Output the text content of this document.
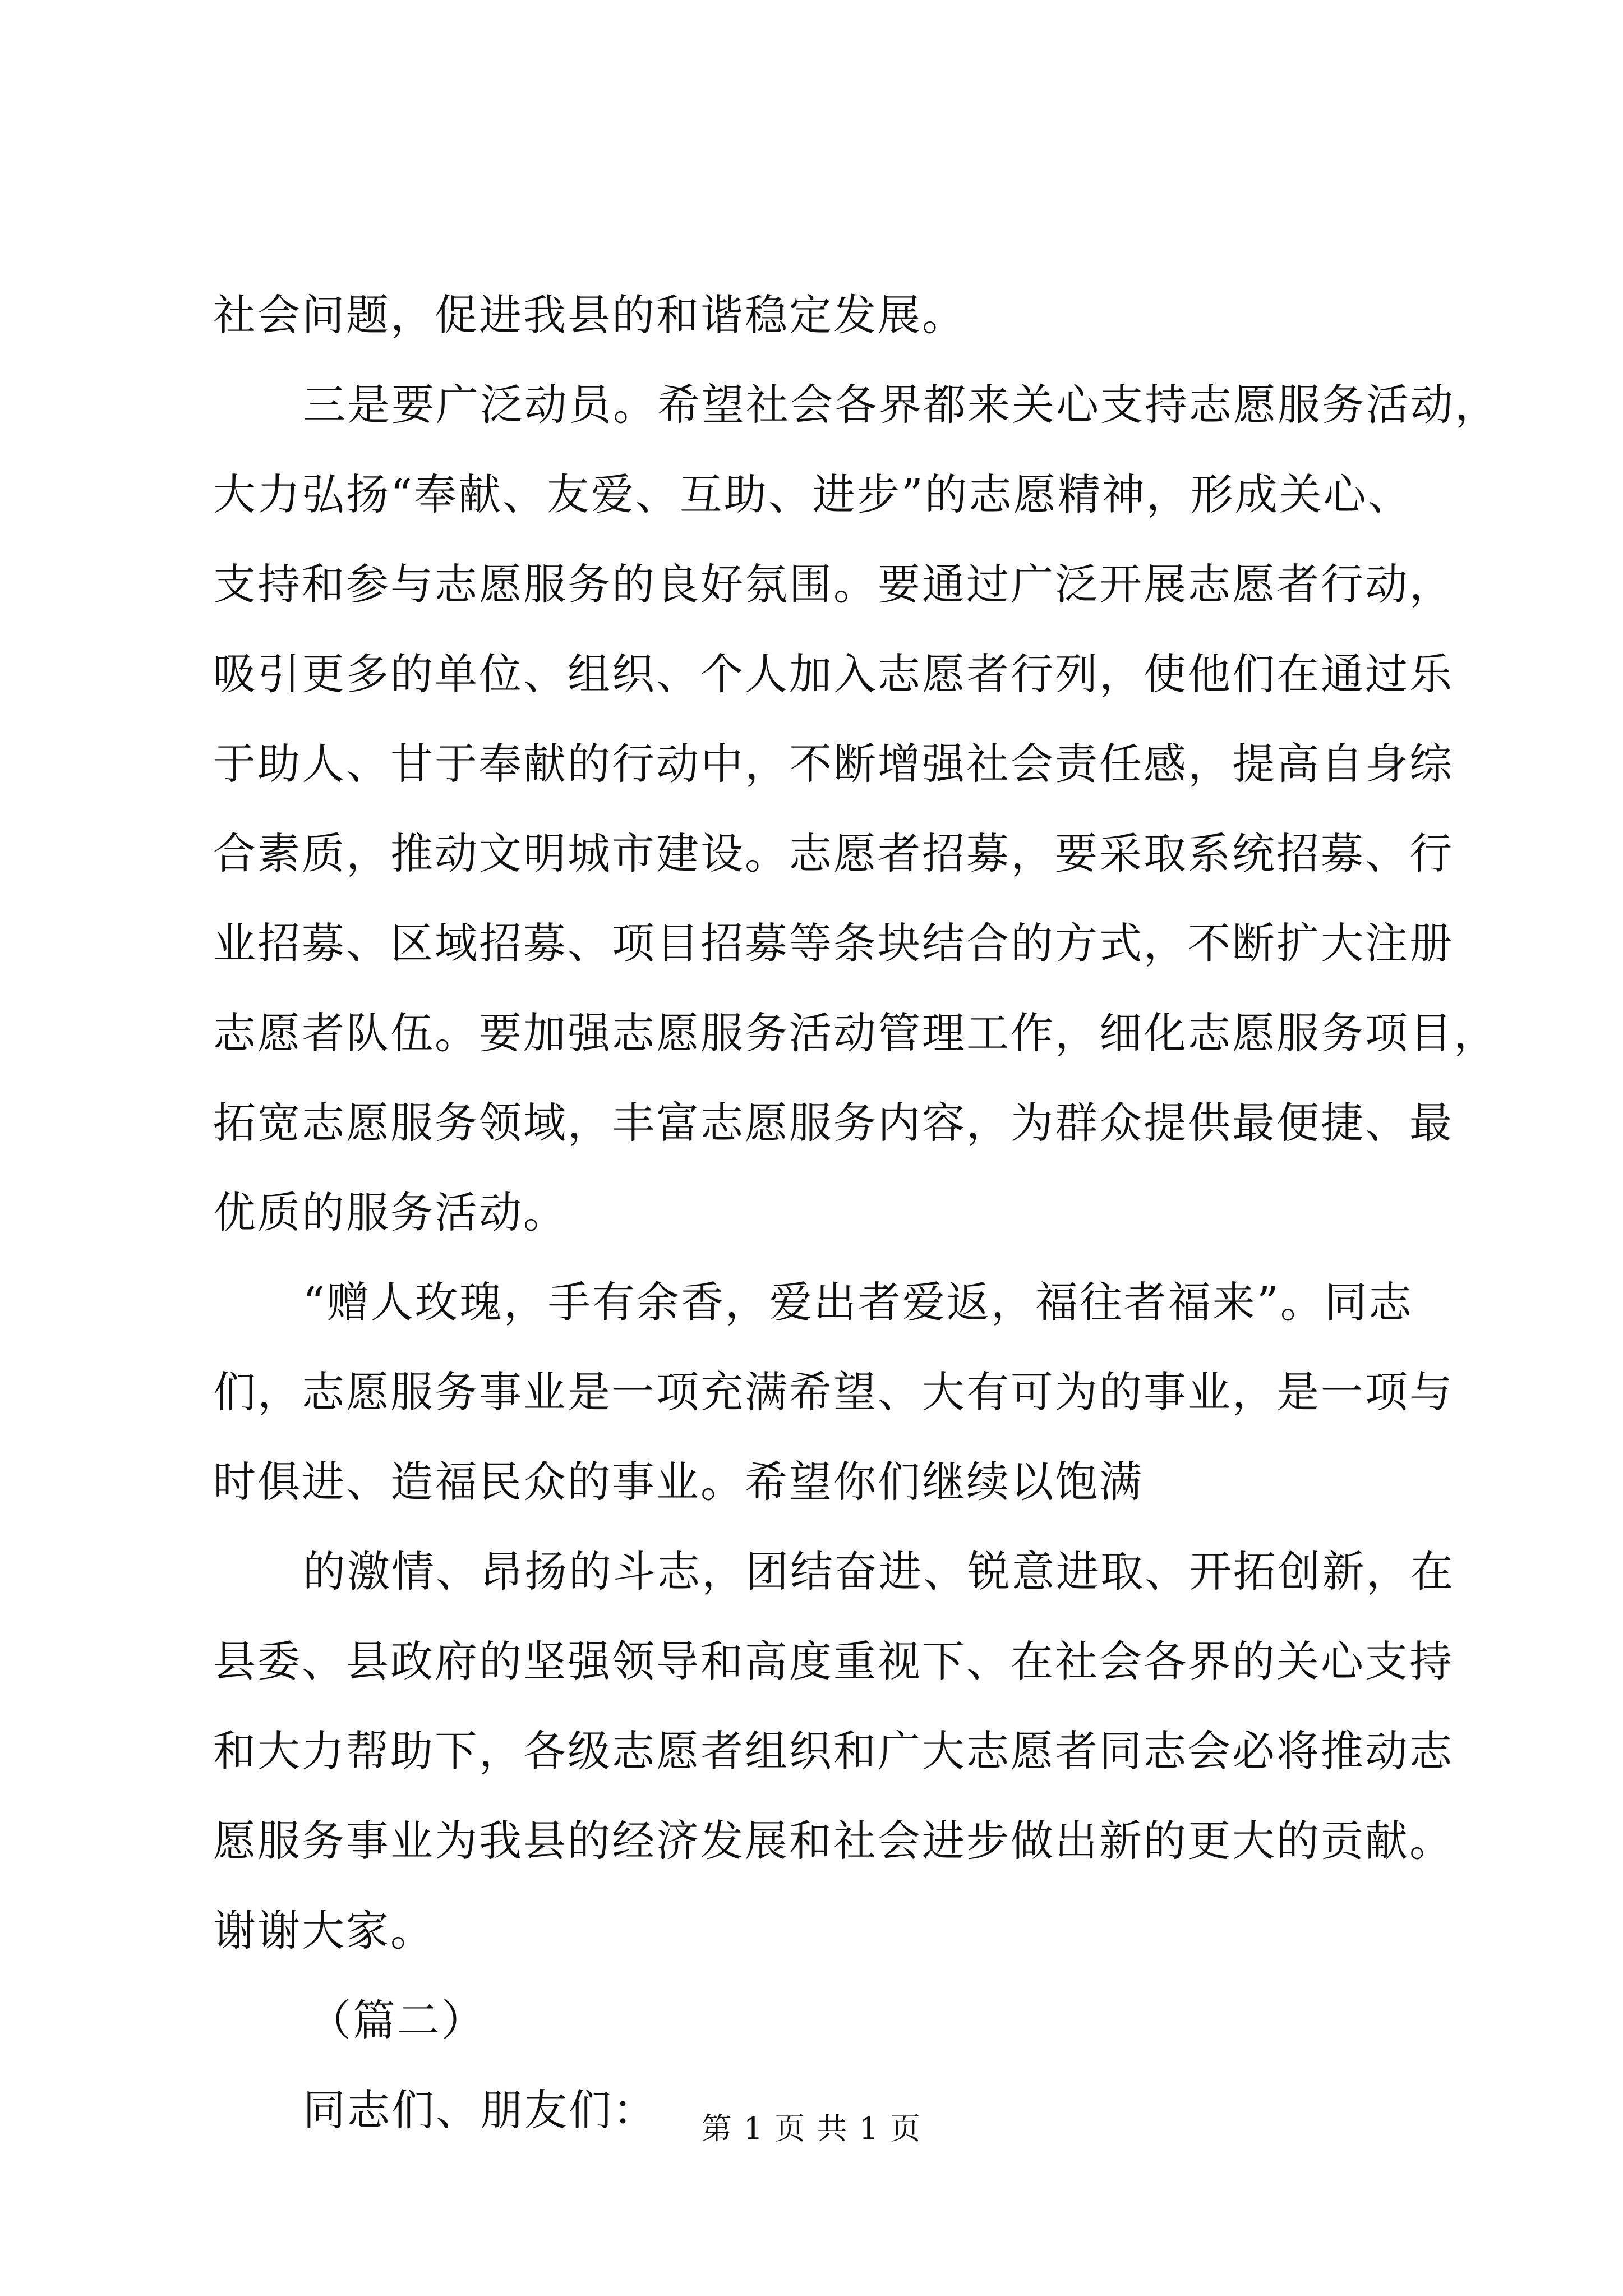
社会问题，促进我县的和谐稳定发展。
三是要广泛动员。希望社会各界都来关心支持志愿服务活动，
大力弘扬“奉献、友爱、互助、进步”的志愿精神，形成关心、
支持和参与志愿服务的良好氛围。要通过广泛开展志愿者行动，
吸引更多的单位、组织、个人加入志愿者行列，使他们在通过乐
于助人、甘于奉献的行动中，不断增强社会责任感，提高自身综
合素质，推动文明城市建设。志愿者招募，要采取系统招募、行
业招募、区域招募、项目招募等条块结合的方式，不断扩大注册
志愿者队伍。要加强志愿服务活动管理工作，细化志愿服务项目，
拓宽志愿服务领域，丰富志愿服务内容，为群众提供最便捷、最
优质的服务活动。
“赠人玫瑰，手有余香，爱出者爱返，福往者福来”。同志
们，志愿服务事业是一项充满希望、大有可为的事业，是一项与
时俱进、造福民众的事业。希望你们继续以饱满
的激情、昂扬的斗志，团结奋进、锐意进取、开拓创新，在
县委、县政府的坚强领导和高度重视下、在社会各界的关心支持
和大力帮助下，各级志愿者组织和广大志愿者同志会必将推动志
愿服务事业为我县的经济发展和社会进步做出新的更大的贡献。
谢谢大家。
（篇二）
同志们、朋友们：	第 1 页 共 1 页
